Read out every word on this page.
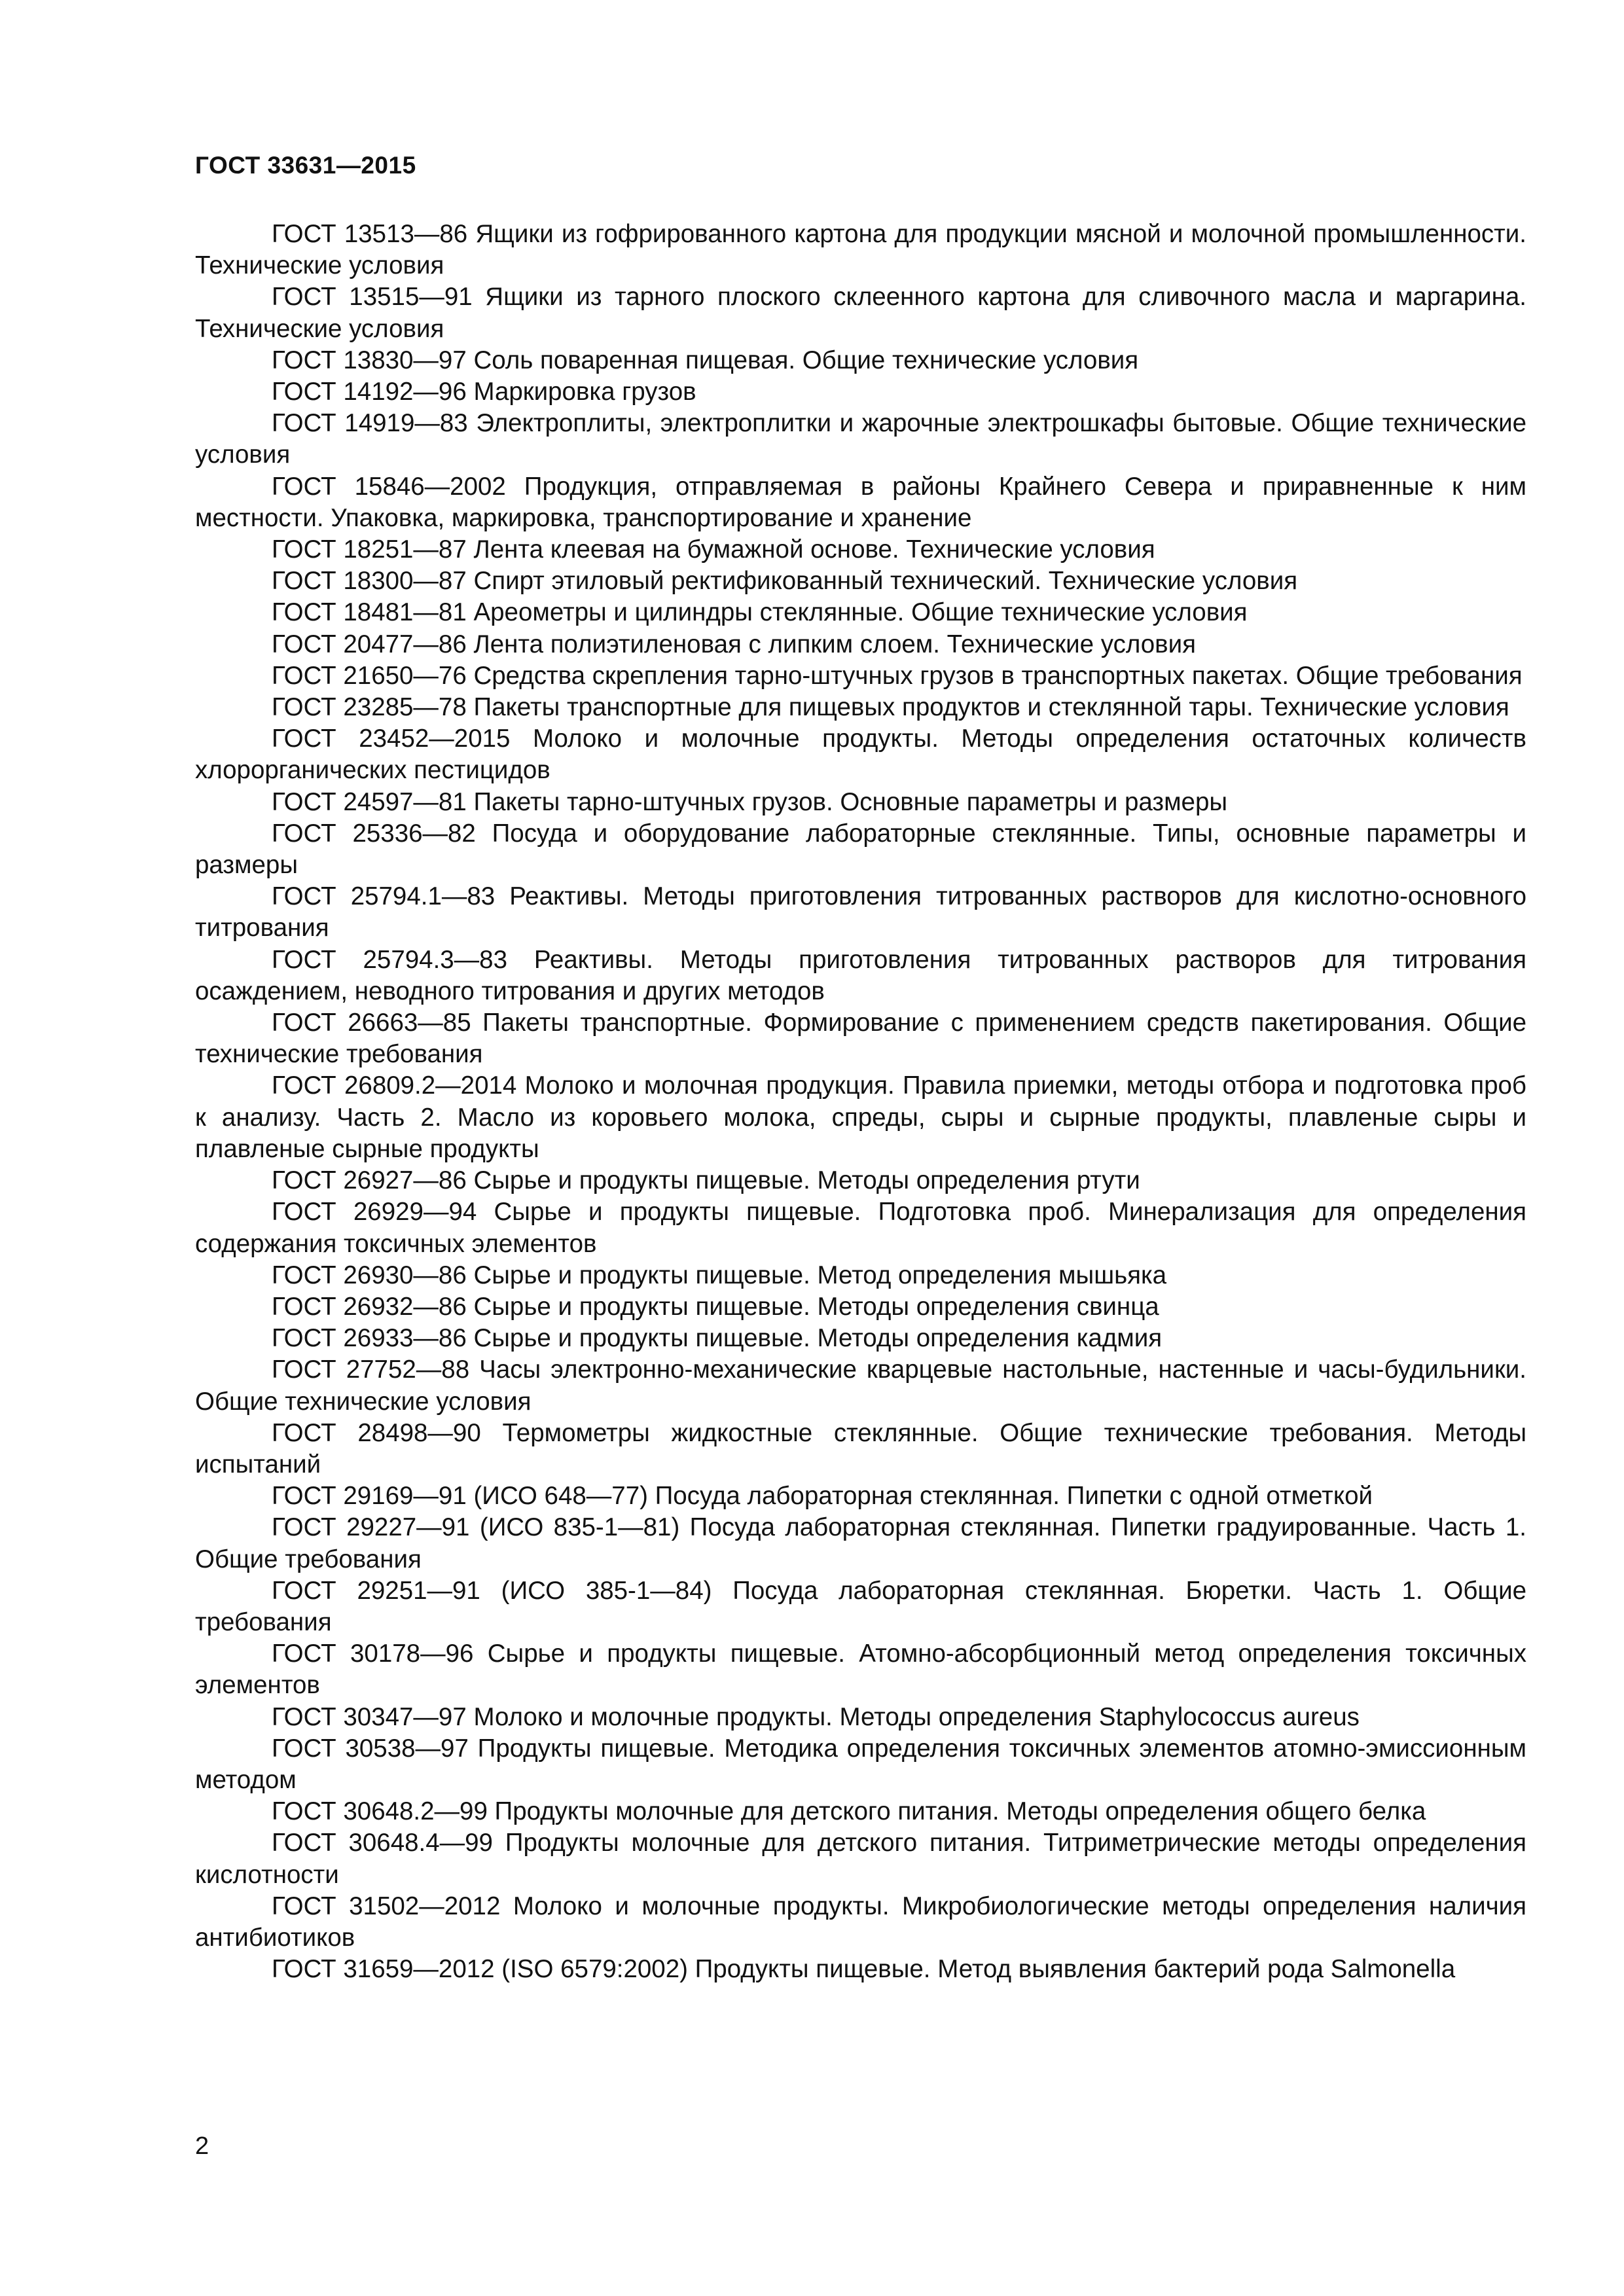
ГОСТ 33631—2015
ГОСТ 13513—86 Ящики из гофрированного картона для продукции мясной и молочной промышленности. Технические условия
ГОСТ 13515—91 Ящики из тарного плоского склеенного картона для сливочного масла и маргарина. Технические условия
ГОСТ 13830—97 Соль поваренная пищевая. Общие технические условия
ГОСТ 14192—96 Маркировка грузов
ГОСТ 14919—83 Электроплиты, электроплитки и жарочные электрошкафы бытовые. Общие технические условия
ГОСТ 15846—2002 Продукция, отправляемая в районы Крайнего Севера и приравненные к ним местности. Упаковка, маркировка, транспортирование и хранение
ГОСТ 18251—87 Лента клеевая на бумажной основе. Технические условия
ГОСТ 18300—87 Спирт этиловый ректификованный технический. Технические условия
ГОСТ 18481—81 Ареометры и цилиндры стеклянные. Общие технические условия
ГОСТ 20477—86 Лента полиэтиленовая с липким слоем. Технические условия
ГОСТ 21650—76 Средства скрепления тарно-штучных грузов в транспортных пакетах. Общие требования
ГОСТ 23285—78 Пакеты транспортные для пищевых продуктов и стеклянной тары. Технические условия
ГОСТ 23452—2015 Молоко и молочные продукты. Методы определения остаточных количеств хлорорганических пестицидов
ГОСТ 24597—81 Пакеты тарно-штучных грузов. Основные параметры и размеры
ГОСТ 25336—82 Посуда и оборудование лабораторные стеклянные. Типы, основные параметры и размеры
ГОСТ 25794.1—83 Реактивы. Методы приготовления титрованных растворов для кислотно-основного титрования
ГОСТ 25794.3—83 Реактивы. Методы приготовления титрованных растворов для титрования осаждением, неводного титрования и других методов
ГОСТ 26663—85 Пакеты транспортные. Формирование с применением средств пакетирования. Общие технические требования
ГОСТ 26809.2—2014 Молоко и молочная продукция. Правила приемки, методы отбора и подготовка проб к анализу. Часть 2. Масло из коровьего молока, спреды, сыры и сырные продукты, плавленые сыры и плавленые сырные продукты
ГОСТ 26927—86 Сырье и продукты пищевые. Методы определения ртути
ГОСТ 26929—94 Сырье и продукты пищевые. Подготовка проб. Минерализация для определения содержания токсичных элементов
ГОСТ 26930—86 Сырье и продукты пищевые. Метод определения мышьяка
ГОСТ 26932—86 Сырье и продукты пищевые. Методы определения свинца
ГОСТ 26933—86 Сырье и продукты пищевые. Методы определения кадмия
ГОСТ 27752—88 Часы электронно-механические кварцевые настольные, настенные и часы-будильники. Общие технические условия
ГОСТ 28498—90 Термометры жидкостные стеклянные. Общие технические требования. Методы испытаний
ГОСТ 29169—91 (ИСО 648—77) Посуда лабораторная стеклянная. Пипетки с одной отметкой
ГОСТ 29227—91 (ИСО 835-1—81) Посуда лабораторная стеклянная. Пипетки градуированные. Часть 1. Общие требования
ГОСТ 29251—91 (ИСО 385-1—84) Посуда лабораторная стеклянная. Бюретки. Часть 1. Общие требования
ГОСТ 30178—96 Сырье и продукты пищевые. Атомно-абсорбционный метод определения токсичных элементов
ГОСТ 30347—97 Молоко и молочные продукты. Методы определения Staphylococcus aureus
ГОСТ 30538—97 Продукты пищевые. Методика определения токсичных элементов атомно-эмиссионным методом
ГОСТ 30648.2—99 Продукты молочные для детского питания. Методы определения общего белка
ГОСТ 30648.4—99 Продукты молочные для детского питания. Титриметрические методы определения кислотности
ГОСТ 31502—2012 Молоко и молочные продукты. Микробиологические методы определения наличия антибиотиков
ГОСТ 31659—2012 (ISO 6579:2002) Продукты пищевые. Метод выявления бактерий рода Salmonella
2
